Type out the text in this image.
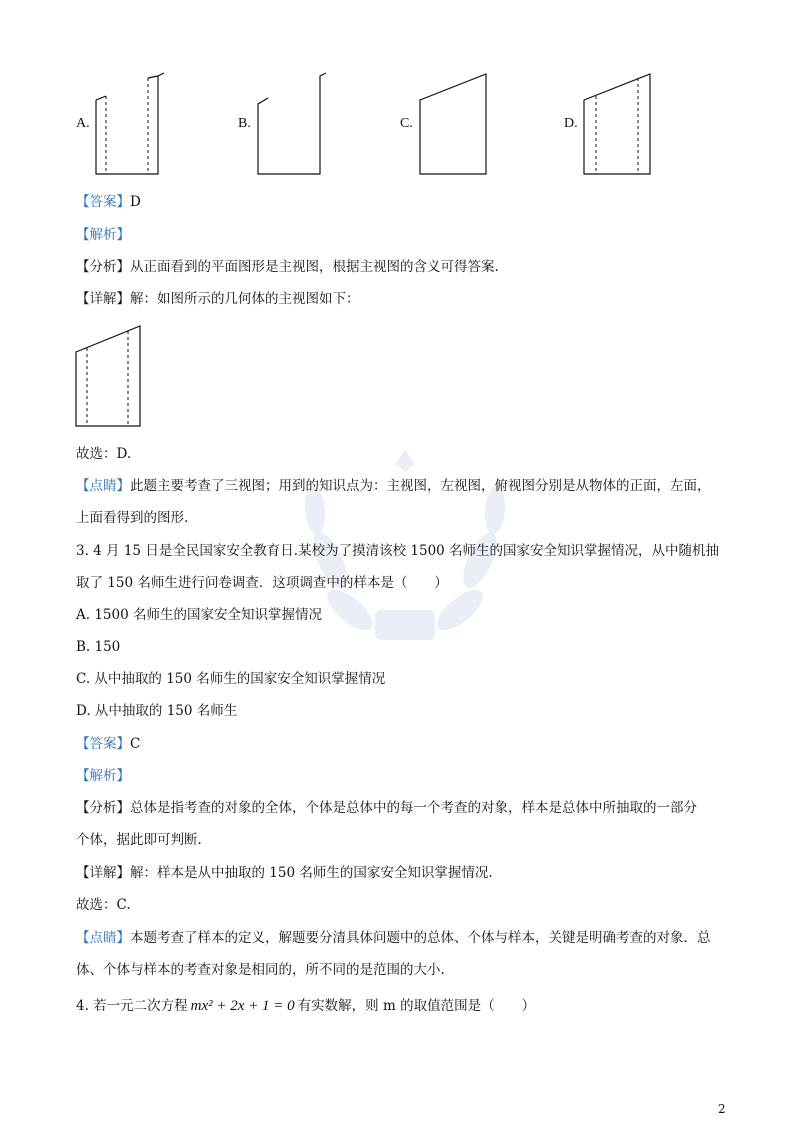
A.	B.	C.	D.
【答案】D
【解析】
【分析】从正面看到的平面图形是主视图，根据主视图的含义可得答案.
【详解】解：如图所示的几何体的主视图如下：
故选：D.
【点睛】此题主要考查了三视图；用到的知识点为：主视图，左视图，俯视图分别是从物体的正面，左面，
上面看得到的图形.
3. 4 月 15 日是全民国家安全教育日.某校为了摸清该校 1500 名师生的国家安全知识掌握情况，从中随机抽
取了 150 名师生进行问卷调查．这项调查中的样本是（　　）
A. 1500 名师生的国家安全知识掌握情况
B. 150
C. 从中抽取的 150 名师生的国家安全知识掌握情况
D. 从中抽取的 150 名师生
【答案】C
【解析】
【分析】总体是指考查的对象的全体，个体是总体中的每一个考查的对象，样本是总体中所抽取的一部分
个体，据此即可判断.
【详解】解：样本是从中抽取的 150 名师生的国家安全知识掌握情况.
故选：C.
【点睛】本题考查了样本的定义，解题要分清具体问题中的总体、个体与样本，关键是明确考查的对象．总
体、个体与样本的考查对象是相同的，所不同的是范围的大小.
4. 若一元二次方程 mx² + 2x + 1 = 0 有实数解，则 m 的取值范围是（　　）
2
